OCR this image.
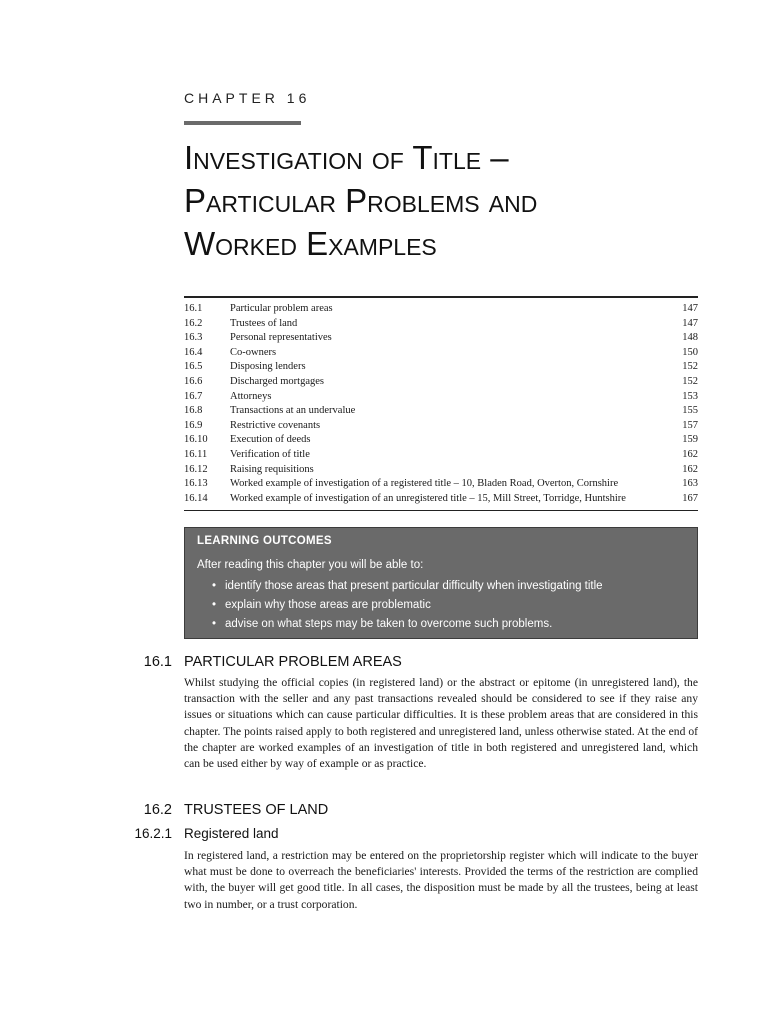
CHAPTER 16
Investigation of Title –
Particular Problems and
Worked Examples
16.1	Particular problem areas	147
16.2	Trustees of land	147
16.3	Personal representatives	148
16.4	Co-owners	150
16.5	Disposing lenders	152
16.6	Discharged mortgages	152
16.7	Attorneys	153
16.8	Transactions at an undervalue	155
16.9	Restrictive covenants	157
16.10	Execution of deeds	159
16.11	Verification of title	162
16.12	Raising requisitions	162
16.13	Worked example of investigation of a registered title – 10, Bladen Road, Overton, Cornshire	163
16.14	Worked example of investigation of an unregistered title – 15, Mill Street, Torridge, Huntshire	167

LEARNING OUTCOMES

After reading this chapter you will be able to:

• identify those areas that present particular difficulty when investigating title
• explain why those areas are problematic
• advise on what steps may be taken to overcome such problems.
16.1 PARTICULAR PROBLEM AREAS

Whilst studying the official copies (in registered land) or the abstract or epitome (in unregistered land), the transaction with the seller and any past transactions revealed should be considered to see if they raise any issues or situations which can cause particular difficulties. It is these problem areas that are considered in this chapter. The points raised apply to both registered and unregistered land, unless otherwise stated. At the end of the chapter are worked examples of an investigation of title in both registered and unregistered land, which can be used either by way of example or as practice.

16.2 TRUSTEES OF LAND
16.2.1 Registered land

In registered land, a restriction may be entered on the proprietorship register which will indicate to the buyer what must be done to overreach the beneficiaries' interests. Provided the terms of the restriction are complied with, the buyer will get good title. In all cases, the disposition must be made by all the trustees, being at least two in number, or a trust corporation.
